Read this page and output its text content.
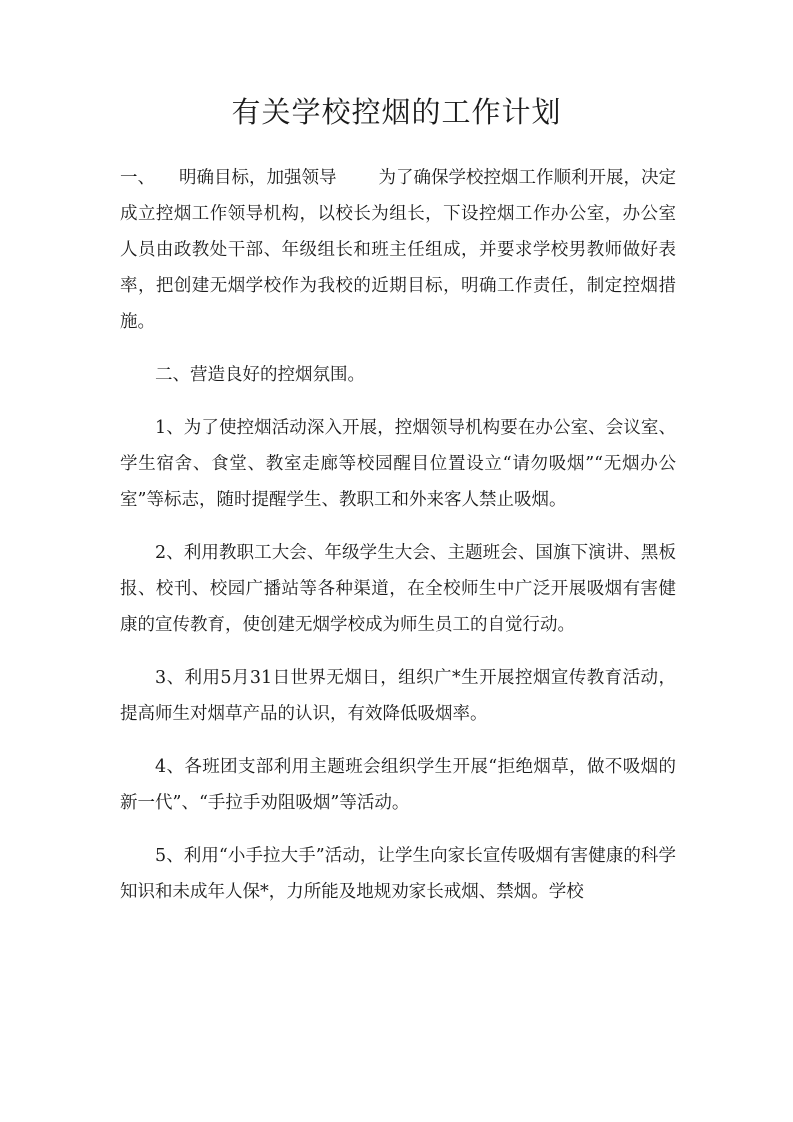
有关学校控烟的工作计划

一、 明确目标，加强领导 为了确保学校控烟工作顺利开展，决定成立控烟工作领导机构，以校长为组长，下设控烟工作办公室，办公室人员由政教处干部、年级组长和班主任组成，并要求学校男教师做好表率，把创建无烟学校作为我校的近期目标，明确工作责任，制定控烟措施。

二、营造良好的控烟氛围。

1、为了使控烟活动深入开展，控烟领导机构要在办公室、会议室、学生宿舍、食堂、教室走廊等校园醒目位置设立“请勿吸烟”“无烟办公室”等标志，随时提醒学生、教职工和外来客人禁止吸烟。

2、利用教职工大会、年级学生大会、主题班会、国旗下演讲、黑板报、校刊、校园广播站等各种渠道，在全校师生中广泛开展吸烟有害健康的宣传教育，使创建无烟学校成为师生员工的自觉行动。

3、利用5月31日世界无烟日，组织广*生开展控烟宣传教育活动，提高师生对烟草产品的认识，有效降低吸烟率。

4、各班团支部利用主题班会组织学生开展“拒绝烟草，做不吸烟的新一代”、“手拉手劝阻吸烟”等活动。

5、利用“小手拉大手”活动，让学生向家长宣传吸烟有害健康的科学知识和未成年人保*，力所能及地规劝家长戒烟、禁烟。学校
